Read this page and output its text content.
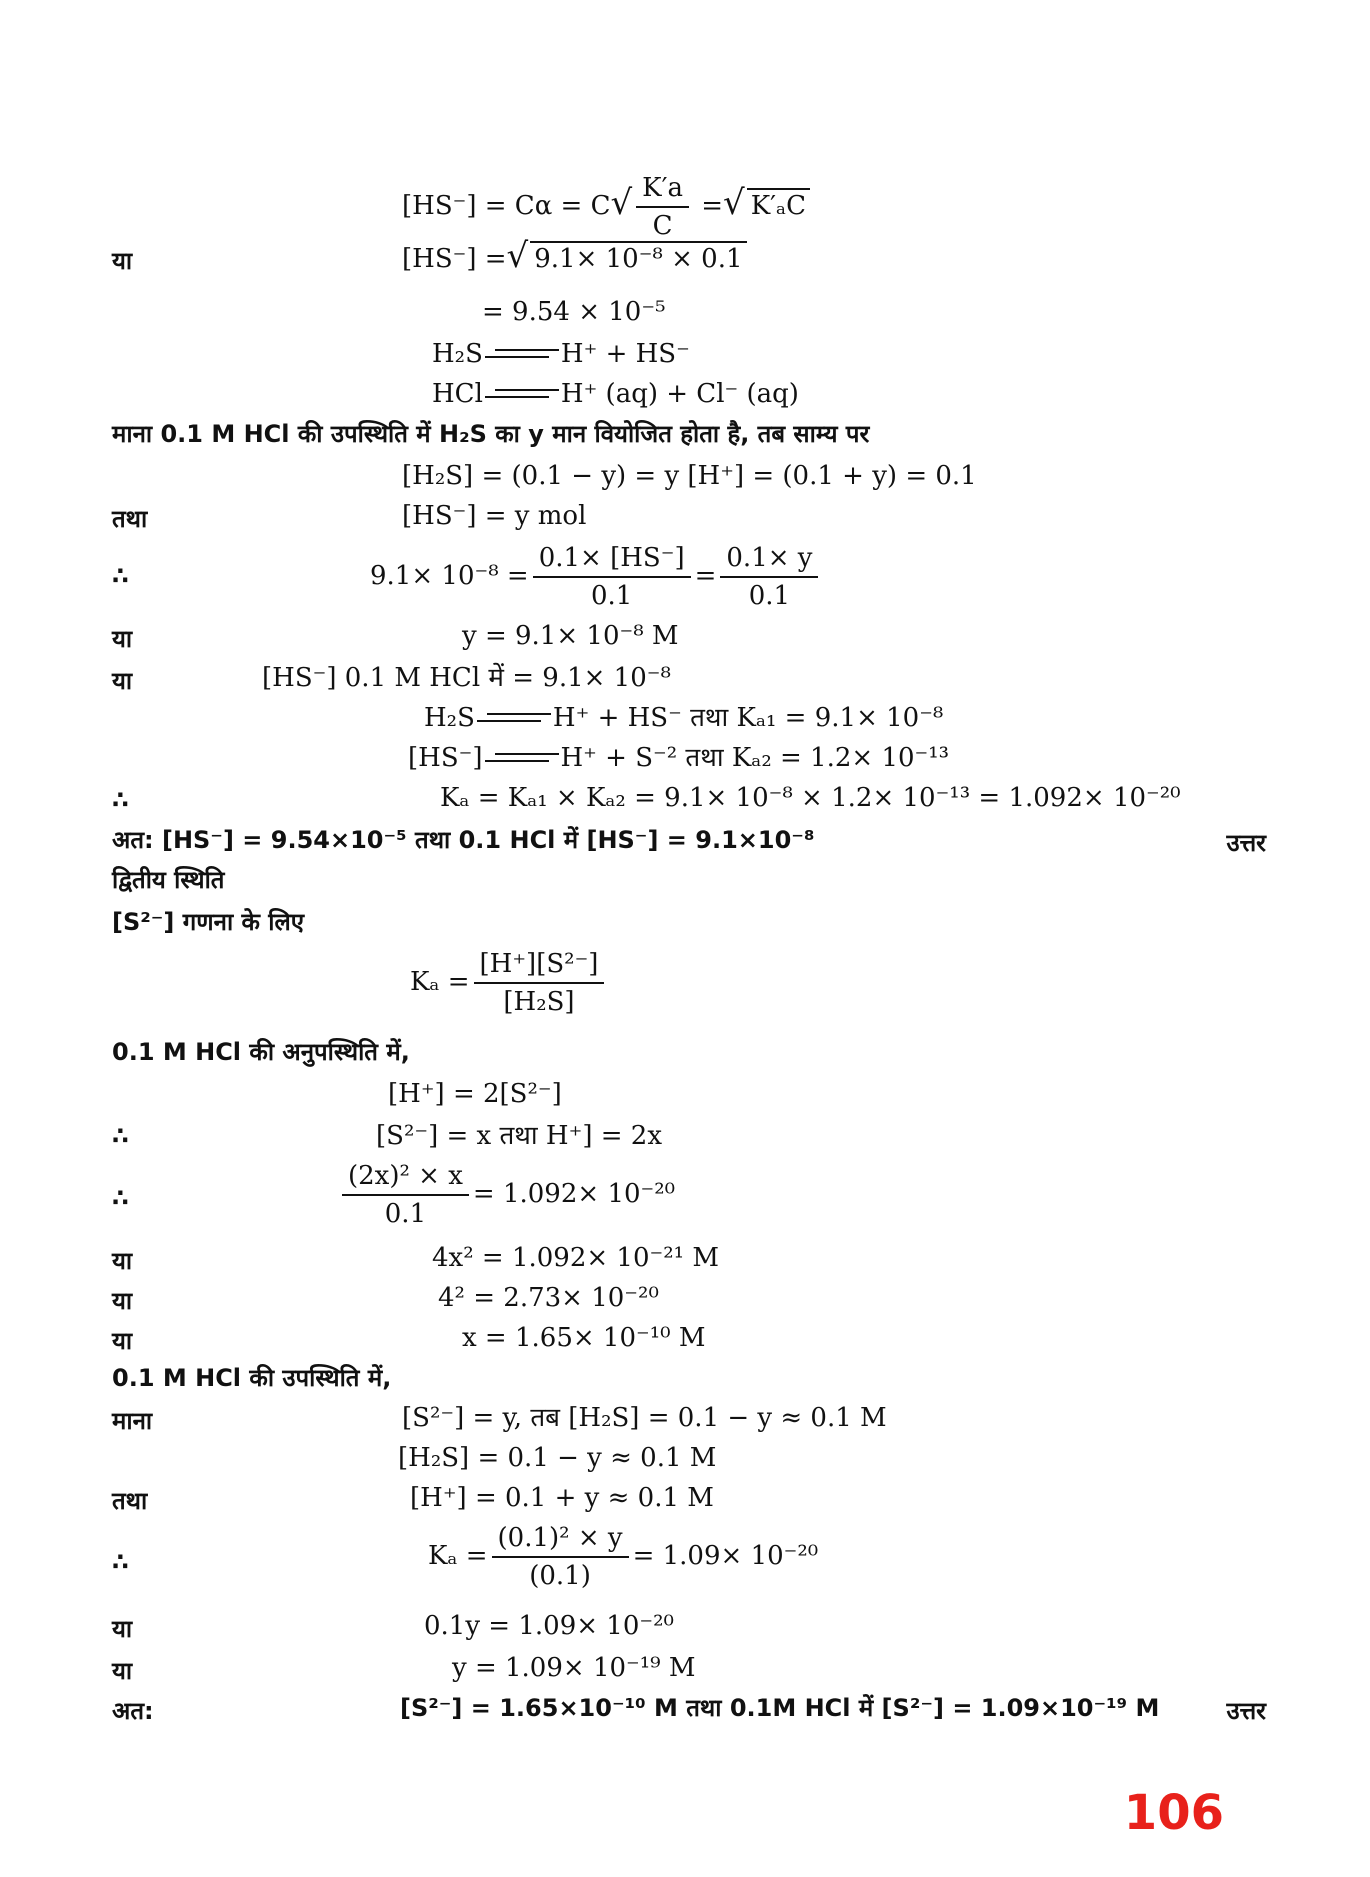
$[HS^-] = C\alpha = C√ \frac{K'a}{C}$ =√ K′ₐC
या	[HS⁻] =√ 9.1× 10⁻⁸ × 0.1
= 9.54 × 10⁻⁵
H₂S	H⁺ + HS⁻
HCl	H⁺ (aq) + Cl⁻ (aq)
माना 0.1 M HCl की उपस्थिति में H₂S का y मान वियोजित होता है, तब साम्य पर
[H₂S] = (0.1 − y) = y [H⁺] = (0.1 + y) = 0.1
तथा	[HS⁻] = y mol
∴	$9.1\times 10^{-8} = \frac{0.1\times [HS^-]}{0.1} = \frac{0.1\times y}{0.1}$
या	y = 9.1× 10⁻⁸ M
या	[HS⁻] 0.1 M HCl में = 9.1× 10⁻⁸
H₂S	H⁺ + HS⁻ तथा Kₐ₁ = 9.1× 10⁻⁸
[HS⁻]	H⁺ + S⁻² तथा Kₐ₂ = 1.2× 10⁻¹³
∴	Kₐ = Kₐ₁ × Kₐ₂ = 9.1× 10⁻⁸ × 1.2× 10⁻¹³ = 1.092× 10⁻²⁰
अत: [HS⁻] = 9.54×10⁻⁵ तथा 0.1 HCl में [HS⁻] = 9.1×10⁻⁸	उत्तर
द्वितीय स्थिति
[S²⁻] गणना के लिए
$K_a = \frac{\text{[H⁺][S²⁻]}}{\text{[H₂S]}}$
0.1 M HCl की अनुपस्थिति में,
[H⁺] = 2[S²⁻]
∴	[S²⁻] = x तथा H⁺] = 2x
∴	$\frac{\text{(2x)² × x}}{0.1} = 1.092\times 10^{-20}$
या	4x² = 1.092× 10⁻²¹ M
या	4² = 2.73× 10⁻²⁰
या	x = 1.65× 10⁻¹⁰ M
0.1 M HCl की उपस्थिति में,
माना	[S²⁻] = y, तब [H₂S] = 0.1 − y ≈ 0.1 M
[H₂S] = 0.1 − y ≈ 0.1 M
तथा	[H⁺] = 0.1 + y ≈ 0.1 M
∴	$K_a = \frac{\text{(0.1)² × y}}{(0.1)} = 1.09\times 10^{-20}$
या	0.1y = 1.09× 10⁻²⁰
या	y = 1.09× 10⁻¹⁹ M
अत:	[S²⁻] = 1.65×10⁻¹⁰ M तथा 0.1M HCl में [S²⁻] = 1.09×10⁻¹⁹ M	उत्तर
106
